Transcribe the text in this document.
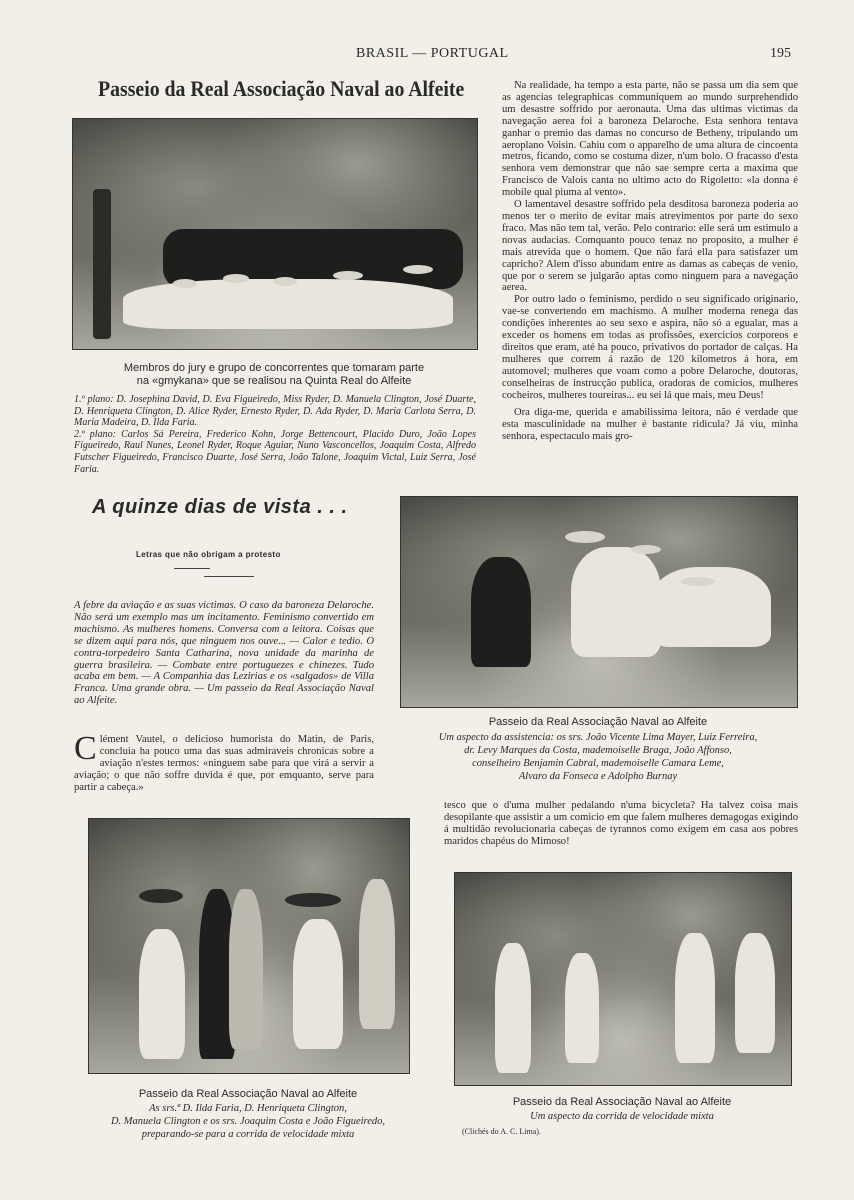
BRASIL — PORTUGAL	195
Passeio da Real Associação Naval ao Alfeite
Membros do jury e grupo de concorrentes que tomaram parte
na «gmykana» que se realisou na Quinta Real do Alfeite
1.º plano: D. Josephina David, D. Eva Figueiredo, Miss Ryder, D. Manuela Clington, José Duarte, D. Henriqueta Clington, D. Alice Ryder, Ernesto Ryder, D. Ada Ryder, D. Maria Carlota Serra, D. Maria Madeira, D. Ilda Faria.
2.º plano: Carlos Sá Pereira, Frederico Kohn, Jorge Bettencourt, Placido Duro, João Lopes Figueiredo, Raul Nunes, Leonel Ryder, Roque Aguiar, Nuno Vasconcellos, Joaquim Costa, Alfredo Futscher Figueiredo, Francisco Duarte, José Serra, João Talone, Joaquim Victal, Luiz Serra, José Faria.

Na realidade, ha tempo a esta parte, não se passa um dia sem que as agencias telegraphicas communiquem ao mundo surprehendido um desastre soffrido por aeronauta. Uma das ultimas victimas da navegação aerea foi a baroneza Delaroche. Esta senhora tentava ganhar o premio das damas no concurso de Betheny, tripulando um aeroplano Voisin. Cahiu com o apparelho de uma altura de cincoenta metros, ficando, como se costuma dizer, n'um bolo. O fracasso d'esta senhora vem demonstrar que não sae sempre certa a maxima que Francisco de Valois canta no ultimo acto do Rigoletto: «la donna é mobile qual piuma al vento».

O lamentavel desastre soffrido pela desditosa baroneza poderia ao menos ter o merito de evitar mais atrevimentos por parte do sexo fraco. Mas não tem tal, verão. Pelo contrario: elle será um estimulo a novas audacias. Comquanto pouco tenaz no proposito, a mulher é mais atrevida que o homem. Que não fará ella para satisfazer um capricho? Alem d'isso abundam entre as damas as cabeças de venio, que por o serem se julgarão aptas como ninguem para a navegação aerea.

Por outro lado o feminismo, perdido o seu significado originario, vae-se convertendo em machismo. A mulher moderna renega das condições inherentes ao seu sexo e aspira, não só a egualar, mas a exceder os homens em todas as profissões, exercicios corporeos e direitos que eram, até ha pouco, privativos do portador de calças. Ha mulheres que correm á razão de 120 kilometros á hora, em automovel; mulheres que voam como a pobre Delaroche, doutoras, conselheiras de instrucção publica, oradoras de comicios, mulheres cocheiros, mulheres toureiras... eu sei lá que mais, meu Deus!

Ora diga-me, querida e amabilissima leitora, não é verdade que esta masculinidade na mulher é bastante ridicula? Já viu, minha senhora, espectaculo mais gro-

A quinze dias de vista . . .
Letras que não obrigam a protesto
A febre da aviação e as suas victimas. O caso da baroneza Delaroche. Não será um exemplo mas um incitamento. Feminismo convertido em machismo. As mulheres homens. Conversa com a leitora. Coisas que se dizem aqui para nós, que ninguem nos ouve... — Calor e tedio. O contra-torpedeiro Santa Catharina, nova unidade da marinha de guerra brasileira. — Combate entre portuguezes e chinezes. Tudo acaba em bem. — A Companhia das Lezirias e os «salgados» de Villa Franca. Uma grande obra. — Um passeio da Real Associação Naval ao Alfeite.
C lément Vautel, o delicioso humorista do Matin, de Paris, concluia ha pouco uma das suas admiraveis chronicas sobre a aviação n'estes termos: «ninguem sabe para que virá a servir a aviação; o que não soffre duvida é que, por emquanto, serve para partir a cabeça.»
Passeio da Real Associação Naval ao Alfeite
Um aspecto da assistencia: os srs. João Vicente Lima Mayer, Luiz Ferreira,
dr. Levy Marques da Costa, mademoiselle Braga, João Affonso,
conselheiro Benjamin Cabral, mademoiselle Camara Leme,
Alvaro da Fonseca e Adolpho Burnay
tesco que o d'uma mulher pedalando n'uma bicycleta? Ha talvez coisa mais desopilante que assistir a um comicio em que falem mulheres demagogas exigindo á multidão revolucionaria cabeças de tyrannos como exigem em casa aos pobres maridos chapéus do Mimoso!
Passeio da Real Associação Naval ao Alfeite
As srs.ª D. Ilda Faria, D. Henriqueta Clington,
D. Manuela Clington e os srs. Joaquim Costa e João Figueiredo,
preparando-se para a corrida de velocidade mixta
Passeio da Real Associação Naval ao Alfeite
Um aspecto da corrida de velocidade mixta
(Clichés do A. C. Lima).
